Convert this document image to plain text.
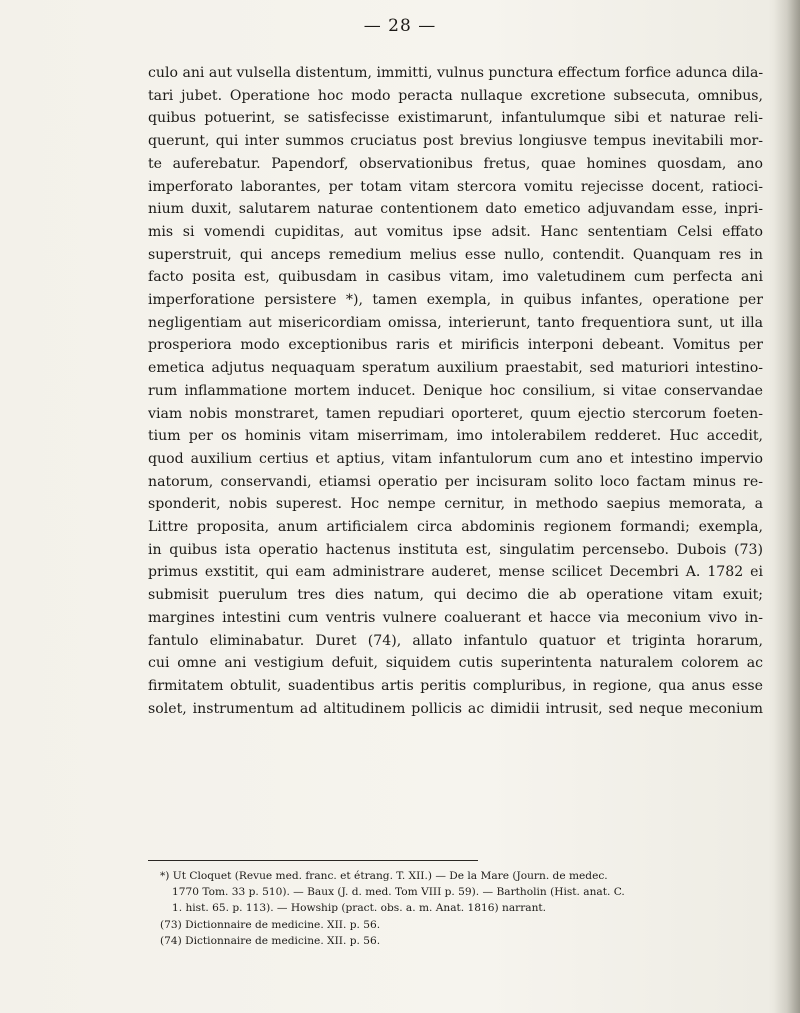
— 28 —
culo ani aut vulsella distentum, immitti, vulnus punctura effectum forfice adunca dila-
tari jubet. Operatione hoc modo peracta nullaque excretione subsecuta, omnibus,
quibus potuerint, se satisfecisse existimarunt, infantulumque sibi et naturae reli-
querunt, qui inter summos cruciatus post brevius longiusve tempus inevitabili mor-
te auferebatur. Papendorf, observationibus fretus, quae homines quosdam, ano
imperforato laborantes, per totam vitam stercora vomitu rejecisse docent, ratioci-
nium duxit, salutarem naturae contentionem dato emetico adjuvandam esse, inpri-
mis si vomendi cupiditas, aut vomitus ipse adsit. Hanc sententiam Celsi effato
superstruit, qui anceps remedium melius esse nullo, contendit. Quanquam res in
facto posita est, quibusdam in casibus vitam, imo valetudinem cum perfecta ani
imperforatione persistere *), tamen exempla, in quibus infantes, operatione per
negligentiam aut misericordiam omissa, interierunt, tanto frequentiora sunt, ut illa
prosperiora modo exceptionibus raris et mirificis interponi debeant. Vomitus per
emetica adjutus nequaquam speratum auxilium praestabit, sed maturiori intestino-
rum inflammatione mortem inducet. Denique hoc consilium, si vitae conservandae
viam nobis monstraret, tamen repudiari oporteret, quum ejectio stercorum foeten-
tium per os hominis vitam miserrimam, imo intolerabilem redderet. Huc accedit,
quod auxilium certius et aptius, vitam infantulorum cum ano et intestino impervio
natorum, conservandi, etiamsi operatio per incisuram solito loco factam minus re-
sponderit, nobis superest. Hoc nempe cernitur, in methodo saepius memorata, a
Littre proposita, anum artificialem circa abdominis regionem formandi; exempla,
in quibus ista operatio hactenus instituta est, singulatim percensebo. Dubois (73)
primus exstitit, qui eam administrare auderet, mense scilicet Decembri A. 1782 ei
submisit puerulum tres dies natum, qui decimo die ab operatione vitam exuit;
margines intestini cum ventris vulnere coaluerant et hacce via meconium vivo in-
fantulo eliminabatur. Duret (74), allato infantulo quatuor et triginta horarum,
cui omne ani vestigium defuit, siquidem cutis superintenta naturalem colorem ac
firmitatem obtulit, suadentibus artis peritis compluribus, in regione, qua anus esse
solet, instrumentum ad altitudinem pollicis ac dimidii intrusit, sed neque meconium
*) Ut Cloquet (Revue med. franc. et étrang. T. XII.) — De la Mare (Journ. de medec.
1770 Tom. 33 p. 510). — Baux (J. d. med. Tom VIII p. 59). — Bartholin (Hist. anat. C.
1. hist. 65. p. 113). — Howship (pract. obs. a. m. Anat. 1816) narrant.
(73) Dictionnaire de medicine. XII. p. 56.
(74) Dictionnaire de medicine. XII. p. 56.
